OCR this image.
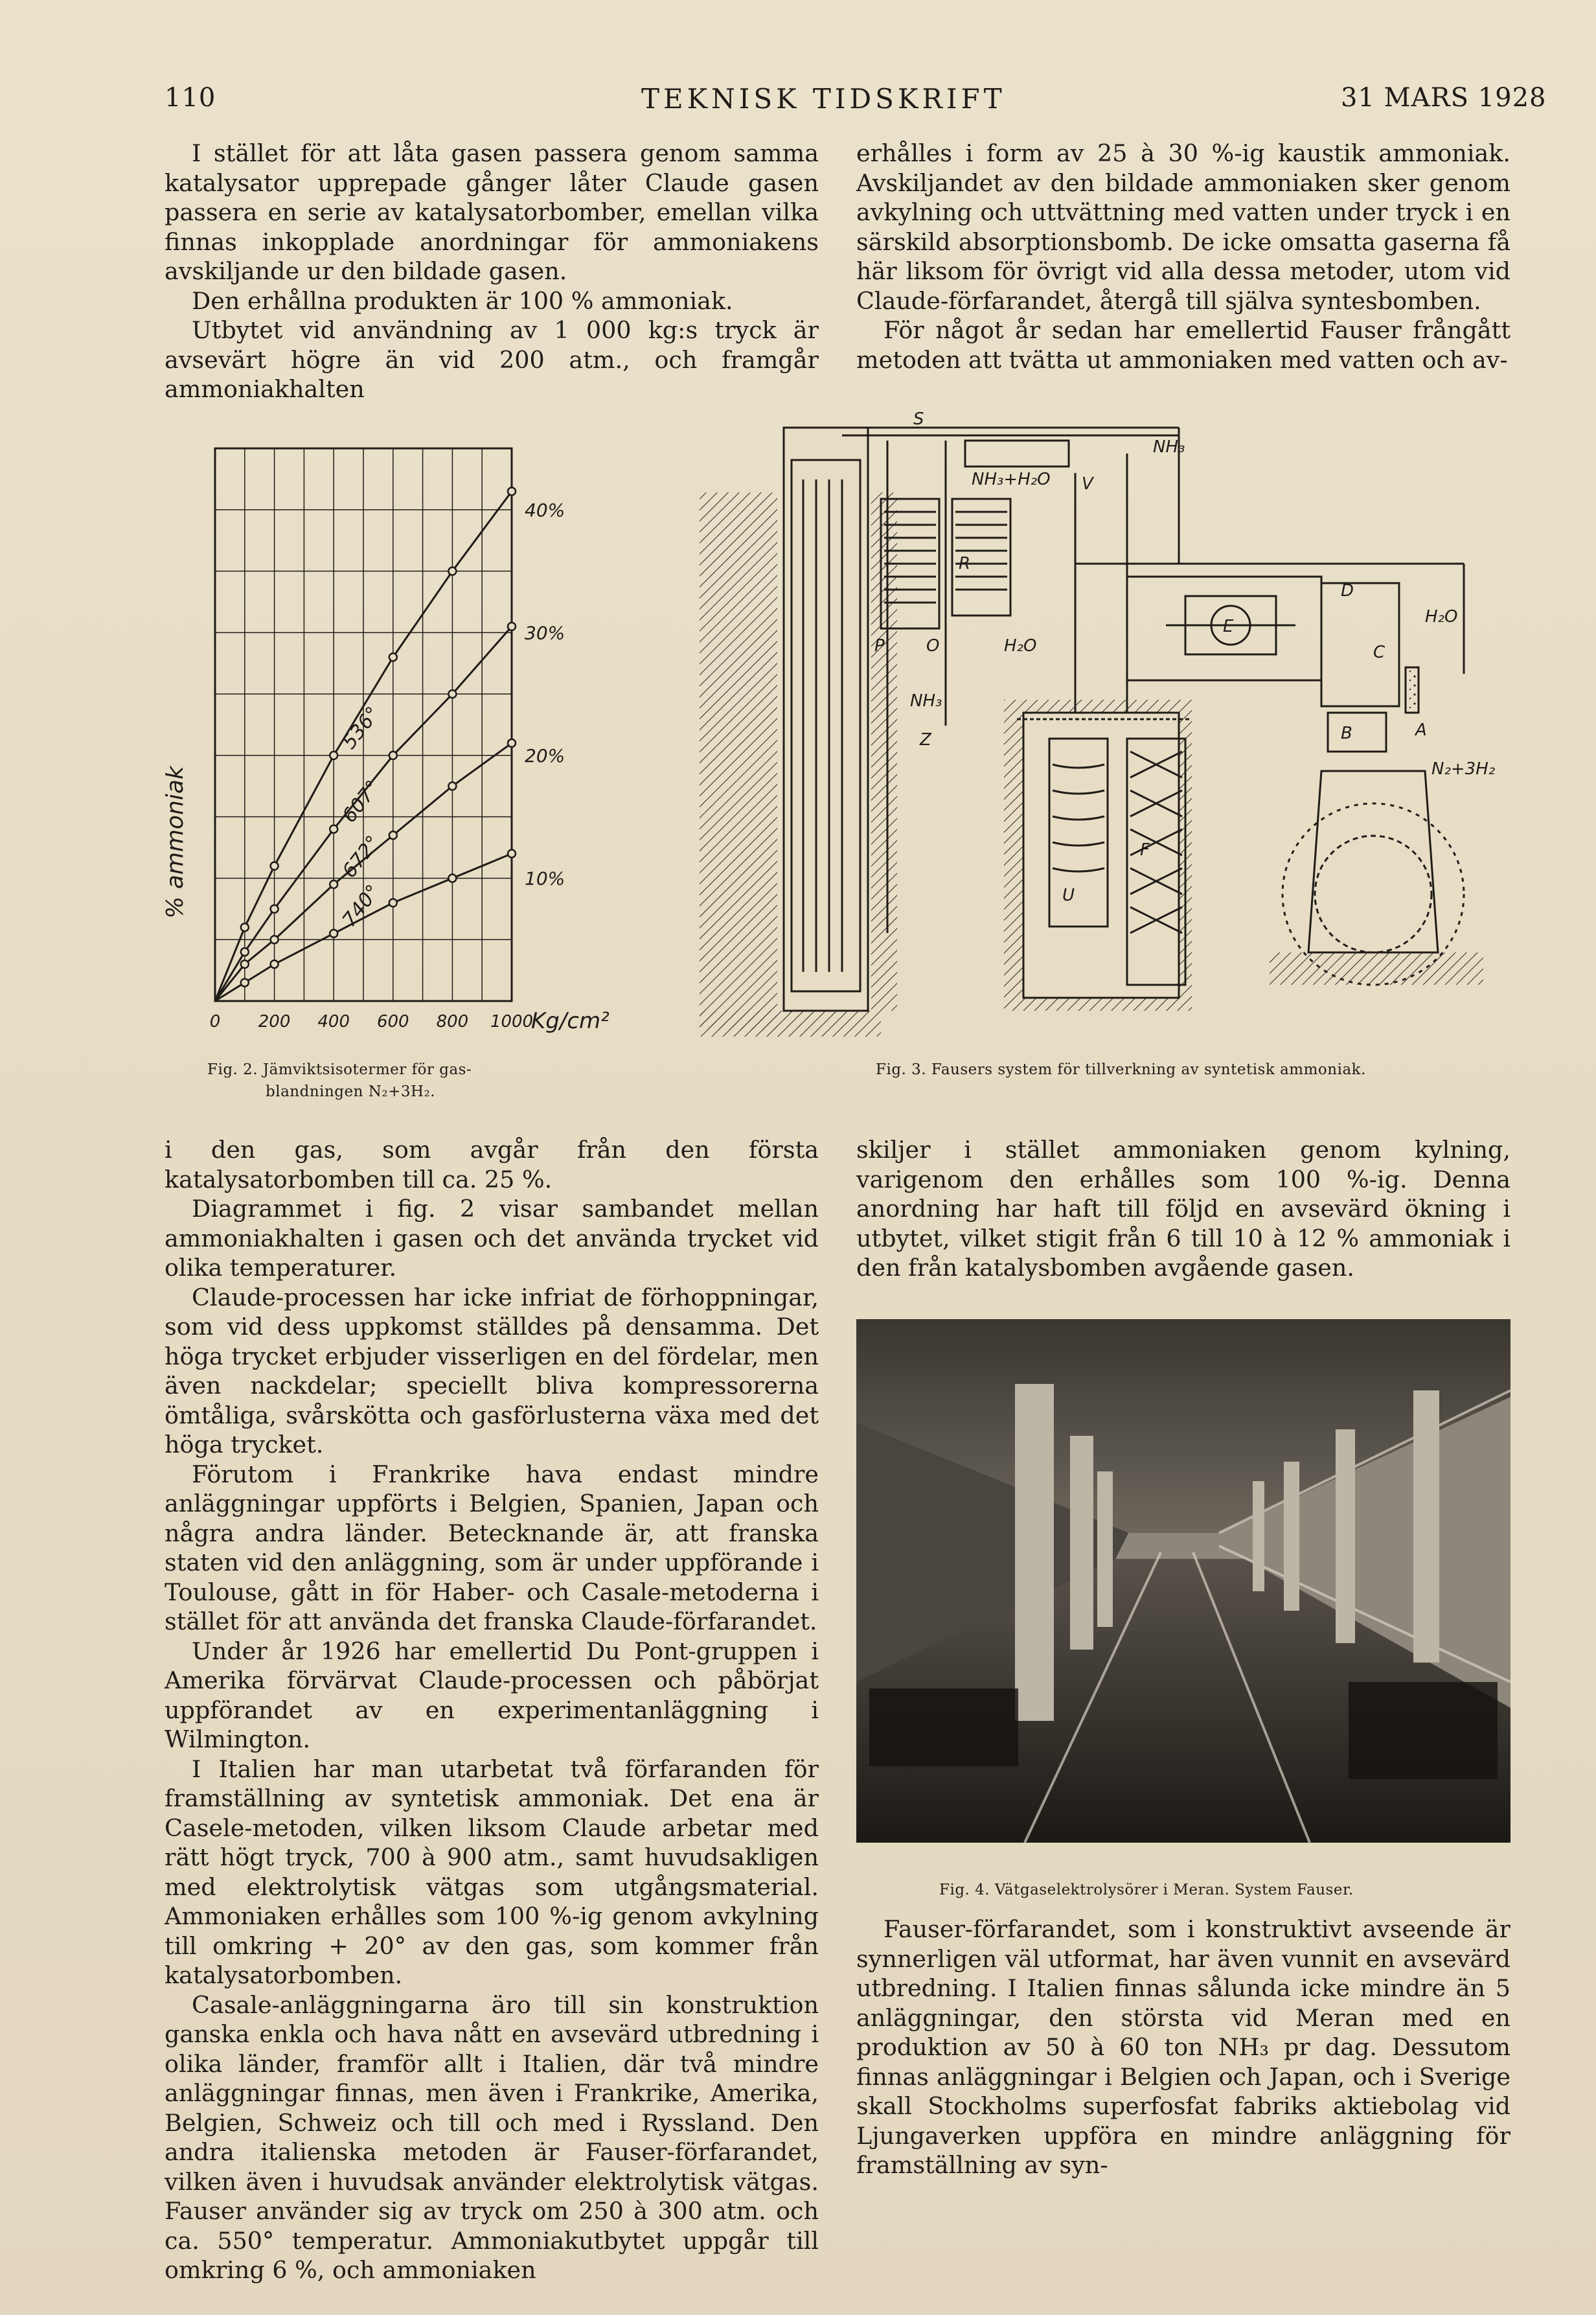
110	TEKNISK TIDSKRIFT	31 MARS 1928

I stället för att låta gasen passera genom samma katalysator upprepade gånger låter Claude gasen passera en serie av katalysatorbomber, emellan vilka finnas inkopplade anordningar för ammoniakens avskiljande ur den bildade gasen.

Den erhållna produkten är 100 % ammoniak.

Utbytet vid användning av 1 000 kg:s tryck är avsevärt högre än vid 200 atm., och framgår ammoniakhalten

erhålles i form av 25 à 30 %-ig kaustik ammoniak. Avskiljandet av den bildade ammoniaken sker genom avkylning och uttvättning med vatten under tryck i en särskild absorptionsbomb. De icke omsatta gaserna få här liksom för övrigt vid alla dessa metoder, utom vid Claude-förfarandet, återgå till själva syntesbomben.

För något år sedan har emellertid Fauser frångått metoden att tvätta ut ammoniaken med vatten och av-

536°
607°
672°
740°
0 200 400 600 800 1000
Kg/cm²
10%
20%
30%
40%
% ammoniak
Fig. 2. Jämviktsisotermer för gas-
blandningen N₂+3H₂.
NH₃
NH₃+H₂O
H₂O
N₂+3H₂
H₂O
NH₃
S
R
V
C
O
P
D
E
B	A
Z
U
F
Fig. 3. Fausers system för tillverkning av syntetisk ammoniak.

i den gas, som avgår från den första katalysatorbomben till ca. 25 %.

Diagrammet i fig. 2 visar sambandet mellan ammoniakhalten i gasen och det använda trycket vid olika temperaturer.

Claude-processen har icke infriat de förhoppningar, som vid dess uppkomst ställdes på densamma. Det höga trycket erbjuder visserligen en del fördelar, men även nackdelar; speciellt bliva kompressorerna ömtåliga, svårskötta och gasförlusterna växa med det höga trycket.

Förutom i Frankrike hava endast mindre anläggningar uppförts i Belgien, Spanien, Japan och några andra länder. Betecknande är, att franska staten vid den anläggning, som är under uppförande i Toulouse, gått in för Haber- och Casale-metoderna i stället för att använda det franska Claude-förfarandet.

Under år 1926 har emellertid Du Pont-gruppen i Amerika förvärvat Claude-processen och påbörjat uppförandet av en experimentanläggning i Wilmington.

I Italien har man utarbetat två förfaranden för framställning av syntetisk ammoniak. Det ena är Casele-metoden, vilken liksom Claude arbetar med rätt högt tryck, 700 à 900 atm., samt huvudsakligen med elektrolytisk vätgas som utgångsmaterial. Ammoniaken erhålles som 100 %-ig genom avkylning till omkring + 20° av den gas, som kommer från katalysatorbomben.

Casale-anläggningarna äro till sin konstruktion ganska enkla och hava nått en avsevärd utbredning i olika länder, framför allt i Italien, där två mindre anläggningar finnas, men även i Frankrike, Amerika, Belgien, Schweiz och till och med i Ryssland. Den andra italienska metoden är Fauser-förfarandet, vilken även i huvudsak använder elektrolytisk vätgas. Fauser använder sig av tryck om 250 à 300 atm. och ca. 550° temperatur. Ammoniakutbytet uppgår till omkring 6 %, och ammoniaken

skiljer i stället ammoniaken genom kylning, varigenom den erhålles som 100 %-ig. Denna anordning har haft till följd en avsevärd ökning i utbytet, vilket stigit från 6 till 10 à 12 % ammoniak i den från katalysbomben avgående gasen.

Fig. 4. Vätgaselektrolysörer i Meran. System Fauser.

Fauser-förfarandet, som i konstruktivt avseende är synnerligen väl utformat, har även vunnit en avsevärd utbredning. I Italien finnas sålunda icke mindre än 5 anläggningar, den största vid Meran med en produktion av 50 à 60 ton NH₃ pr dag. Dessutom finnas anläggningar i Belgien och Japan, och i Sverige skall Stockholms superfosfat fabriks aktiebolag vid Ljungaverken uppföra en mindre anläggning för framställning av syn-
